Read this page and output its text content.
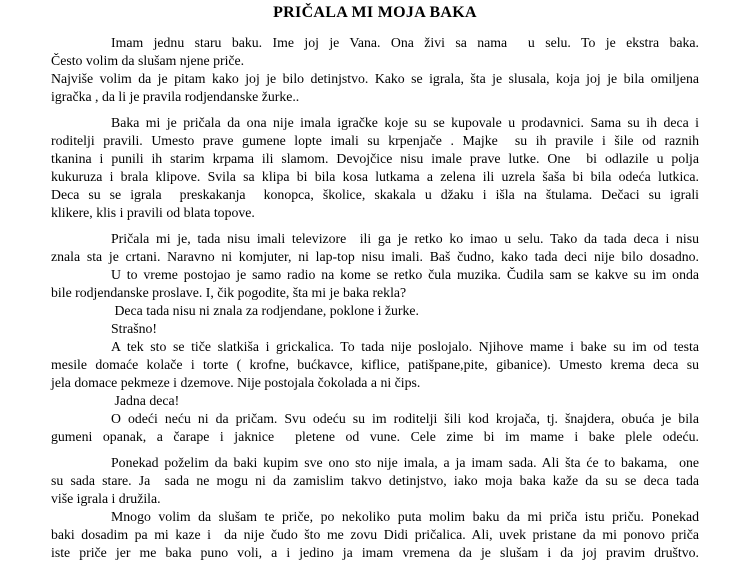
PRIČALA MI MOJA BAKA
Imam jednu staru baku. Ime joj je Vana. Ona živi sa nama  u selu. To je ekstra baka.
Često volim da slušam njene priče.
Najviše volim da je pitam kako joj je bilo detinjstvo. Kako se igrala, šta je slusala, koja joj je bila omiljena
igračka , da li je pravila rodjendanske žurke..
Baka mi je pričala da ona nije imala igračke koje su se kupovale u prodavnici. Sama su ih deca i
roditelji pravili. Umesto prave gumene lopte imali su krpenjače . Majke  su ih pravile i šile od raznih
tkanina i punili ih starim krpama ili slamom. Devojčice nisu imale prave lutke. One  bi odlazile u polja
kukuruza i brala klipove. Svila sa klipa bi bila kosa lutkama a zelena ili uzrela šaša bi bila odeća lutkica.
Deca su se igrala  preskakanja  konopca, školice, skakala u džaku i išla na štulama. Dečaci su igrali
klikere, klis i pravili od blata topove.
Pričala mi je, tada nisu imali televizore  ili ga je retko ko imao u selu. Tako da tada deca i nisu
znala sta je crtani. Naravno ni komjuter, ni lap-top nisu imali. Baš čudno, kako tada deci nije bilo dosadno.
U to vreme postojao je samo radio na kome se retko čula muzika. Čudila sam se kakve su im onda
bile rodjendanske proslave. I, čik pogodite, šta mi je baka rekla?
Deca tada nisu ni znala za rodjendane, poklone i žurke.
Strašno!
A tek sto se tiče slatkiša i grickalica. To tada nije poslojalo. Njihove mame i bake su im od testa
mesile domaće kolače i torte ( krofne, bućkavce, kiflice, patišpane,pite, gibanice). Umesto krema deca su
jela domace pekmeze i dzemove. Nije postojala čokolada a ni čips.
Jadna deca!
O odeći neću ni da pričam. Svu odeću su im roditelji šili kod krojača, tj. šnajdera, obuća je bila
gumeni opanak, a čarape i jaknice  pletene od vune. Cele zime bi im mame i bake plele odeću.
Ponekad poželim da baki kupim sve ono sto nije imala, a ja imam sada. Ali šta će to bakama,  one
su sada stare. Ja  sada ne mogu ni da zamislim takvo detinjstvo, iako moja baka kaže da su se deca tada
više igrala i družila.
Mnogo volim da slušam te priče, po nekoliko puta molim baku da mi priča istu priču. Ponekad
baki dosadim pa mi kaze i  da nije čudo što me zovu Didi pričalica. Ali, uvek pristane da mi ponovo priča
iste priče jer me baka puno voli, a i jedino ja imam vremena da je slušam i da joj pravim društvo.
